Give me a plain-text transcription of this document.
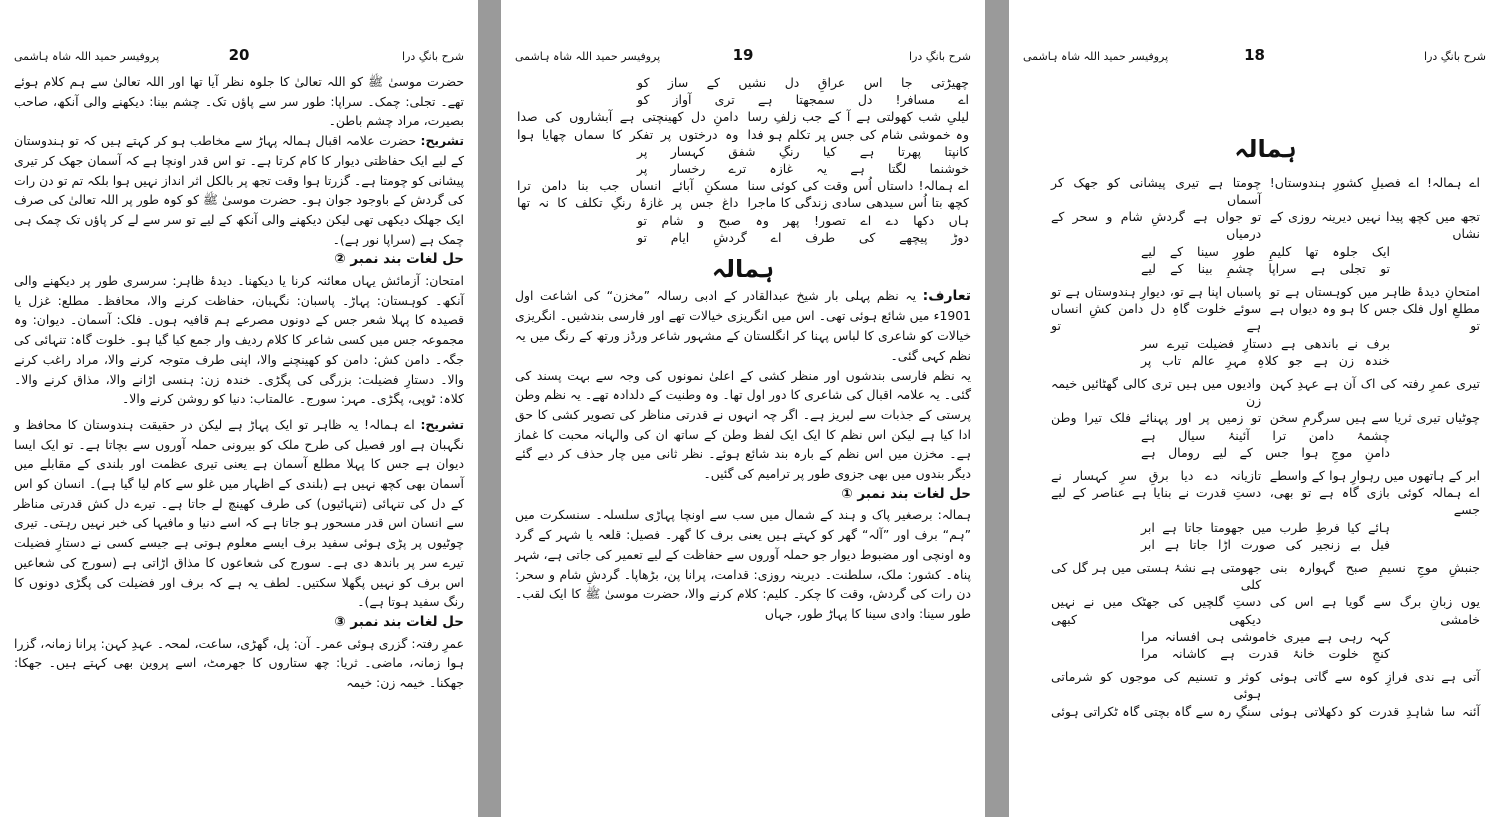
شرح بانگِ درا
20
پروفیسر حمید اللہ شاہ ہاشمی

حضرت موسیٰ ﷺ کو اللہ تعالیٰ کا جلوہ نظر آیا تھا اور اللہ تعالیٰ سے ہم کلام ہوئے تھے۔ تجلی: چمک۔ سراپا: طور سر سے پاؤں تک۔ چشم بینا: دیکھنے والی آنکھ، صاحب بصیرت، مراد چشم باطن۔

تشریح: حضرت علامہ اقبال ہمالہ پہاڑ سے مخاطب ہو کر کہتے ہیں کہ تو ہندوستان کے لیے ایک حفاظتی دیوار کا کام کرتا ہے۔ تو اس قدر اونچا ہے کہ آسمان جھک کر تیری پیشانی کو چومتا ہے۔ گزرتا ہوا وقت تجھ پر بالکل اثر انداز نہیں ہوا بلکہ تم تو دن رات کی گردش کے باوجود جوان ہو۔ حضرت موسیٰ ﷺ کو کوہ طور پر اللہ تعالیٰ کی صرف ایک جھلک دیکھی تھی لیکن دیکھنے والی آنکھ کے لیے تو سر سے لے کر پاؤں تک چمک ہی چمک ہے (سراپا نور ہے)۔

حل لغات بند نمبر ②

امتحان: آزمائش یہاں معائنہ کرنا یا دیکھنا۔ دیدۂ ظاہر: سرسری طور پر دیکھنے والی آنکھ۔ کوہستان: پہاڑ۔ پاسبان: نگہبان، حفاظت کرنے والا، محافظ۔ مطلع: غزل یا قصیدہ کا پہلا شعر جس کے دونوں مصرعے ہم قافیہ ہوں۔ فلک: آسمان۔ دیوان: وہ مجموعہ جس میں کسی شاعر کا کلام ردیف وار جمع کیا گیا ہو۔ خلوت گاہ: تنہائی کی جگہ۔ دامن کش: دامن کو کھینچنے والا، اپنی طرف متوجہ کرنے والا، مراد راغب کرنے والا۔ دستارِ فضیلت: بزرگی کی پگڑی۔ خندہ زن: ہنسی اڑانے والا، مذاق کرنے والا۔ کلاہ: ٹوپی، پگڑی۔ مہر: سورج۔ عالمتاب: دنیا کو روشن کرنے والا۔

تشریح: اے ہمالہ! یہ ظاہر تو ایک پہاڑ ہے لیکن در حقیقت ہندوستان کا محافظ و نگہبان ہے اور فصیل کی طرح ملک کو بیرونی حملہ آوروں سے بچاتا ہے۔ تو ایک ایسا دیوان ہے جس کا پہلا مطلع آسمان ہے یعنی تیری عظمت اور بلندی کے مقابلے میں آسمان بھی کچھ نہیں ہے (بلندی کے اظہار میں غلو سے کام لیا گیا ہے)۔ انسان کو اس کے دل کی تنہائی (تنہائیوں) کی طرف کھینچ لے جاتا ہے۔ تیرے دل کش قدرتی مناظر سے انسان اس قدر مسحور ہو جاتا ہے کہ اسے دنیا و مافیہا کی خبر نہیں رہتی۔ تیری چوٹیوں پر پڑی ہوئی سفید برف ایسے معلوم ہوتی ہے جیسے کسی نے دستارِ فضیلت تیرے سر پر باندھ دی ہے۔ سورج کی شعاعوں کا مذاق اڑاتی ہے (سورج کی شعاعیں اس برف کو نہیں پگھلا سکتیں۔ لطف یہ ہے کہ برف اور فضیلت کی پگڑی دونوں کا رنگ سفید ہوتا ہے)۔

حل لغات بند نمبر ③

عمرِ رفتہ: گزری ہوئی عمر۔ آن: پل، گھڑی، ساعت، لمحہ۔ عہدِ کہن: پرانا زمانہ، گزرا ہوا زمانہ، ماضی۔ ثریا: چھ ستاروں کا جھرمٹ، اسے پروین بھی کہتے ہیں۔ جھکا: جھکنا۔ خیمہ زن: خیمہ

شرح بانگِ درا
19
پروفیسر حمید اللہ شاہ ہاشمی
چھیڑتی جا اس عراقِ دل نشیں کے ساز کو
اے مسافر! دل سمجھتا ہے تری آواز کو
لیلیِ شب کھولتی ہے آ کے جب زلفِ رسا
دامنِ دل کھینچتی ہے آبشاروں کی صدا
وہ خموشی شام کی جس پر تکلم ہو فدا
وہ درختوں پر تفکر کا سماں چھایا ہوا
کانپتا پھرتا ہے کیا رنگِ شفق کہسار پر
خوشنما لگتا ہے یہ غازہ ترے رخسار پر
اے ہمالہ! داستاں اُس وقت کی کوئی سنا
مسکنِ آبائے انساں جب بنا دامن ترا
کچھ بتا اُس سیدھی سادی زندگی کا ماجرا
داغ جس پر غازۂ رنگِ تکلف کا نہ تھا
ہاں دکھا دے اے تصور! پھر وہ صبح و شام تو
دوڑ پیچھے کی طرف اے گردشِ ایام تو
ہمالہ

تعارف: یہ نظم پہلی بار شیخ عبدالقادر کے ادبی رسالہ ”مخزن“ کی اشاعت اول 1901ء میں شائع ہوئی تھی۔ اس میں انگریزی خیالات تھے اور فارسی بندشیں۔ انگریزی خیالات کو شاعری کا لباس پہنا کر انگلستان کے مشہور شاعر ورڈز ورتھ کے رنگ میں یہ نظم کہی گئی۔

یہ نظم فارسی بندشوں اور منظر کشی کے اعلیٰ نمونوں کی وجہ سے بہت پسند کی گئی۔ یہ علامہ اقبال کی شاعری کا دور اول تھا۔ وہ وطنیت کے دلدادہ تھے۔ یہ نظم وطن پرستی کے جذبات سے لبریز ہے۔ اگر چہ انہوں نے قدرتی مناظر کی تصویر کشی کا حق ادا کیا ہے لیکن اس نظم کا ایک ایک لفظ وطن کے ساتھ ان کی والہانہ محبت کا غماز ہے۔ مخزن میں اس نظم کے بارہ بند شائع ہوئے۔ نظر ثانی میں چار حذف کر دیے گئے دیگر بندوں میں بھی جزوی طور پر ترامیم کی گئیں۔

حل لغات بند نمبر ①

ہمالہ: برصغیر پاک و ہند کے شمال میں سب سے اونچا پہاڑی سلسلہ۔ سنسکرت میں ”ہم“ برف اور ”آلہ“ گھر کو کہتے ہیں یعنی برف کا گھر۔ فصیل: قلعہ یا شہر کے گرد وہ اونچی اور مضبوط دیوار جو حملہ آوروں سے حفاظت کے لیے تعمیر کی جاتی ہے، شہر پناہ۔ کشور: ملک، سلطنت۔ دیرینہ روزی: قدامت، پرانا پن، بڑھاپا۔ گردشِ شام و سحر: دن رات کی گردش، وقت کا چکر۔ کلیم: کلام کرنے والا، حضرت موسیٰ ﷺ کا ایک لقب۔ طور سینا: وادی سینا کا پہاڑ طور، جہاں

شرح بانگِ درا
18
پروفیسر حمید اللہ شاہ ہاشمی
ہمالہ
اے ہمالہ! اے فصیلِ کشورِ ہندوستاں!
چومتا ہے تیری پیشانی کو جھک کر آسماں
تجھ میں کچھ پیدا نہیں دیرینہ روزی کے نشاں
تو جواں ہے گردشِ شام و سحر کے درمیاں
ایک جلوہ تھا کلیمِ طورِ سینا کے لیے
تو تجلی ہے سراپا چشمِ بینا کے لیے
امتحانِ دیدۂ ظاہر میں کوہستاں ہے تو
پاسباں اپنا ہے تو، دیوارِ ہندوستاں ہے تو
مطلعِ اول فلک جس کا ہو وہ دیواں ہے تو
سوئے خلوت گاہِ دل دامن کشِ انساں ہے تو
برف نے باندھی ہے دستارِ فضیلت تیرے سر
خندہ زن ہے جو کلاہِ مہرِ عالم تاب پر
تیری عمرِ رفتہ کی اک آن ہے عہدِ کہن
وادیوں میں ہیں تری کالی گھٹائیں خیمہ زن
چوٹیاں تیری ثریا سے ہیں سرگرمِ سخن
تو زمیں پر اور پہنائے فلک تیرا وطن
چشمۂ دامن ترا آئینۂ سیال ہے
دامنِ موجِ ہوا جس کے لیے رومال ہے
ابر کے ہاتھوں میں رہوارِ ہوا کے واسطے
تازیانہ دے دیا برقِ سرِ کہسار نے
اے ہمالہ کوئی بازی گاہ ہے تو بھی، جسے
دستِ قدرت نے بنایا ہے عناصر کے لیے
ہائے کیا فرطِ طرب میں جھومتا جاتا ہے ابر
فیل بے زنجیر کی صورت اڑا جاتا ہے ابر
جنبشِ موجِ نسیمِ صبح گہوارہ بنی
جھومتی ہے نشۂ ہستی میں ہر گل کی کلی
یوں زبانِ برگ سے گویا ہے اس کی خامشی
دستِ گلچیں کی جھٹک میں نے نہیں دیکھی کبھی
کہہ رہی ہے میری خاموشی ہی افسانہ مرا
کنجِ خلوت خانۂ قدرت ہے کاشانہ مرا
آتی ہے ندی فرازِ کوہ سے گاتی ہوئی
کوثر و تسنیم کی موجوں کو شرماتی ہوئی
آئنہ سا شاہدِ قدرت کو دکھلاتی ہوئی
سنگِ رہ سے گاہ بچتی گاہ ٹکراتی ہوئی
